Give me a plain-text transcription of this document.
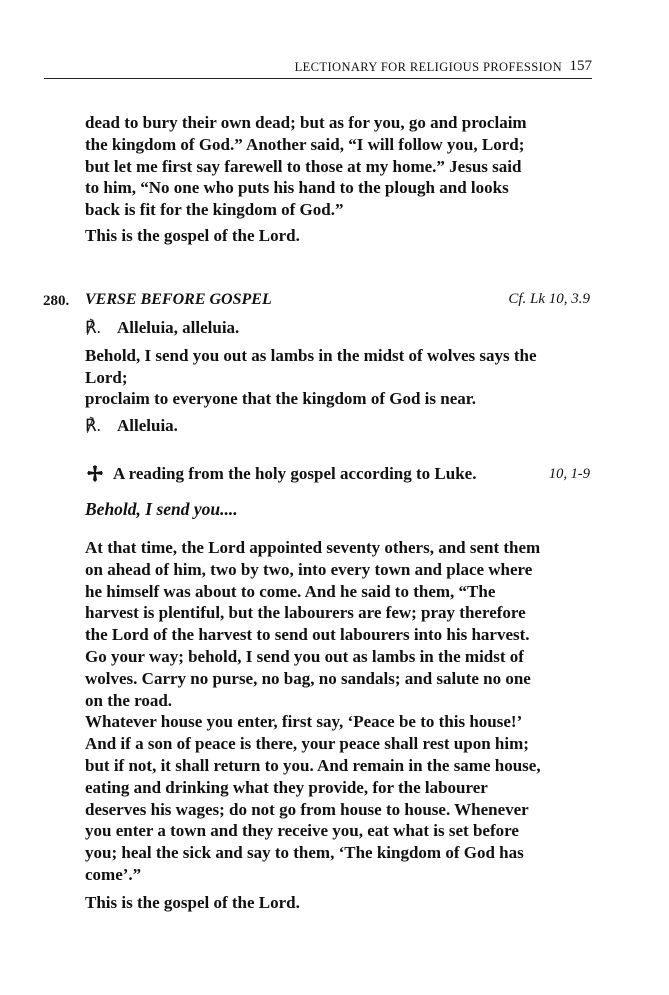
LECTIONARY FOR RELIGIOUS PROFESSION 157

dead to bury their own dead; but as for you, go and proclaim

the kingdom of God.” Another said, “I will follow you, Lord;

but let me first say farewell to those at my home.” Jesus said

to him, “No one who puts his hand to the plough and looks

back is fit for the kingdom of God.”

This is the gospel of the Lord.

280. VERSE BEFORE GOSPEL	Cf. Lk 10, 3.9
℟. Alleluia, alleluia.

Behold, I send you out as lambs in the midst of wolves says the

Lord;

proclaim to everyone that the kingdom of God is near.

℟. Alleluia.
A reading from the holy gospel according to Luke.	10, 1-9

Behold, I send you....

At that time, the Lord appointed seventy others, and sent them

on ahead of him, two by two, into every town and place where

he himself was about to come. And he said to them, “The

harvest is plentiful, but the labourers are few; pray therefore

the Lord of the harvest to send out labourers into his harvest.

Go your way; behold, I send you out as lambs in the midst of

wolves. Carry no purse, no bag, no sandals; and salute no one

on the road.

Whatever house you enter, first say, ‘Peace be to this house!’

And if a son of peace is there, your peace shall rest upon him;

but if not, it shall return to you. And remain in the same house,

eating and drinking what they provide, for the labourer

deserves his wages; do not go from house to house. Whenever

you enter a town and they receive you, eat what is set before

you; heal the sick and say to them, ‘The kingdom of God has

come’.”

This is the gospel of the Lord.
